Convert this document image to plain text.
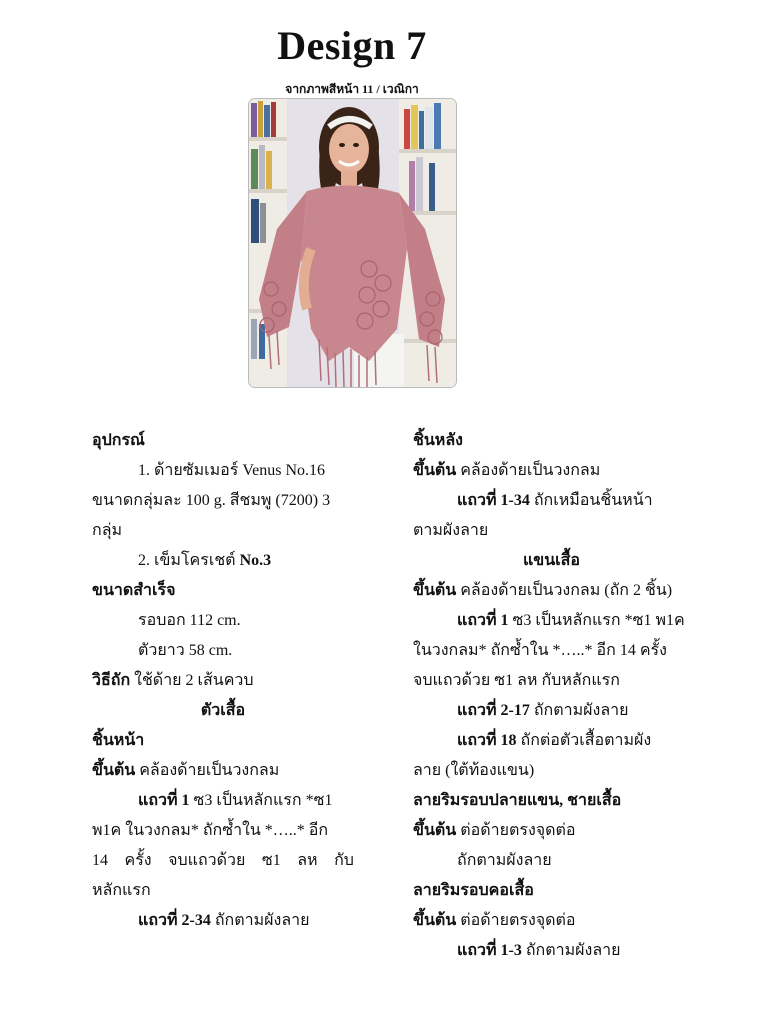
Design 7

จากภาพสีหน้า 11 / เวณิกา

อุปกรณ์

1. ด้ายซัมเมอร์ Venus No.16

ขนาดกลุ่มละ 100 g. สีชมพู (7200) 3

กลุ่ม

2. เข็มโครเชต์ No.3

ขนาดสำเร็จ

รอบอก 112 cm.

ตัวยาว 58 cm.

วิธีถัก ใช้ด้าย 2 เส้นควบ

ตัวเสื้อ

ชิ้นหน้า

ขึ้นต้น คล้องด้ายเป็นวงกลม

แถวที่ 1 ซ3 เป็นหลักแรก *ซ1

พ1ค ในวงกลม* ถักซ้ำใน *…..* อีก

14 ครั้ง จบแถวด้วย ซ1 ลห กับ

หลักแรก

แถวที่ 2-34 ถักตามผังลาย

ชิ้นหลัง

ขึ้นต้น คล้องด้ายเป็นวงกลม

แถวที่ 1-34 ถักเหมือนชิ้นหน้า

ตามผังลาย

แขนเสื้อ

ขึ้นต้น คล้องด้ายเป็นวงกลม (ถัก 2 ชิ้น)

แถวที่ 1 ซ3 เป็นหลักแรก *ซ1 พ1ค

ในวงกลม* ถักซ้ำใน *…..* อีก 14 ครั้ง

จบแถวด้วย ซ1 ลห กับหลักแรก

แถวที่ 2-17 ถักตามผังลาย

แถวที่ 18 ถักต่อตัวเสื้อตามผัง

ลาย (ใต้ท้องแขน)

ลายริมรอบปลายแขน, ชายเสื้อ

ขึ้นต้น ต่อด้ายตรงจุดต่อ

ถักตามผังลาย

ลายริมรอบคอเสื้อ

ขึ้นต้น ต่อด้ายตรงจุดต่อ

แถวที่ 1-3 ถักตามผังลาย
